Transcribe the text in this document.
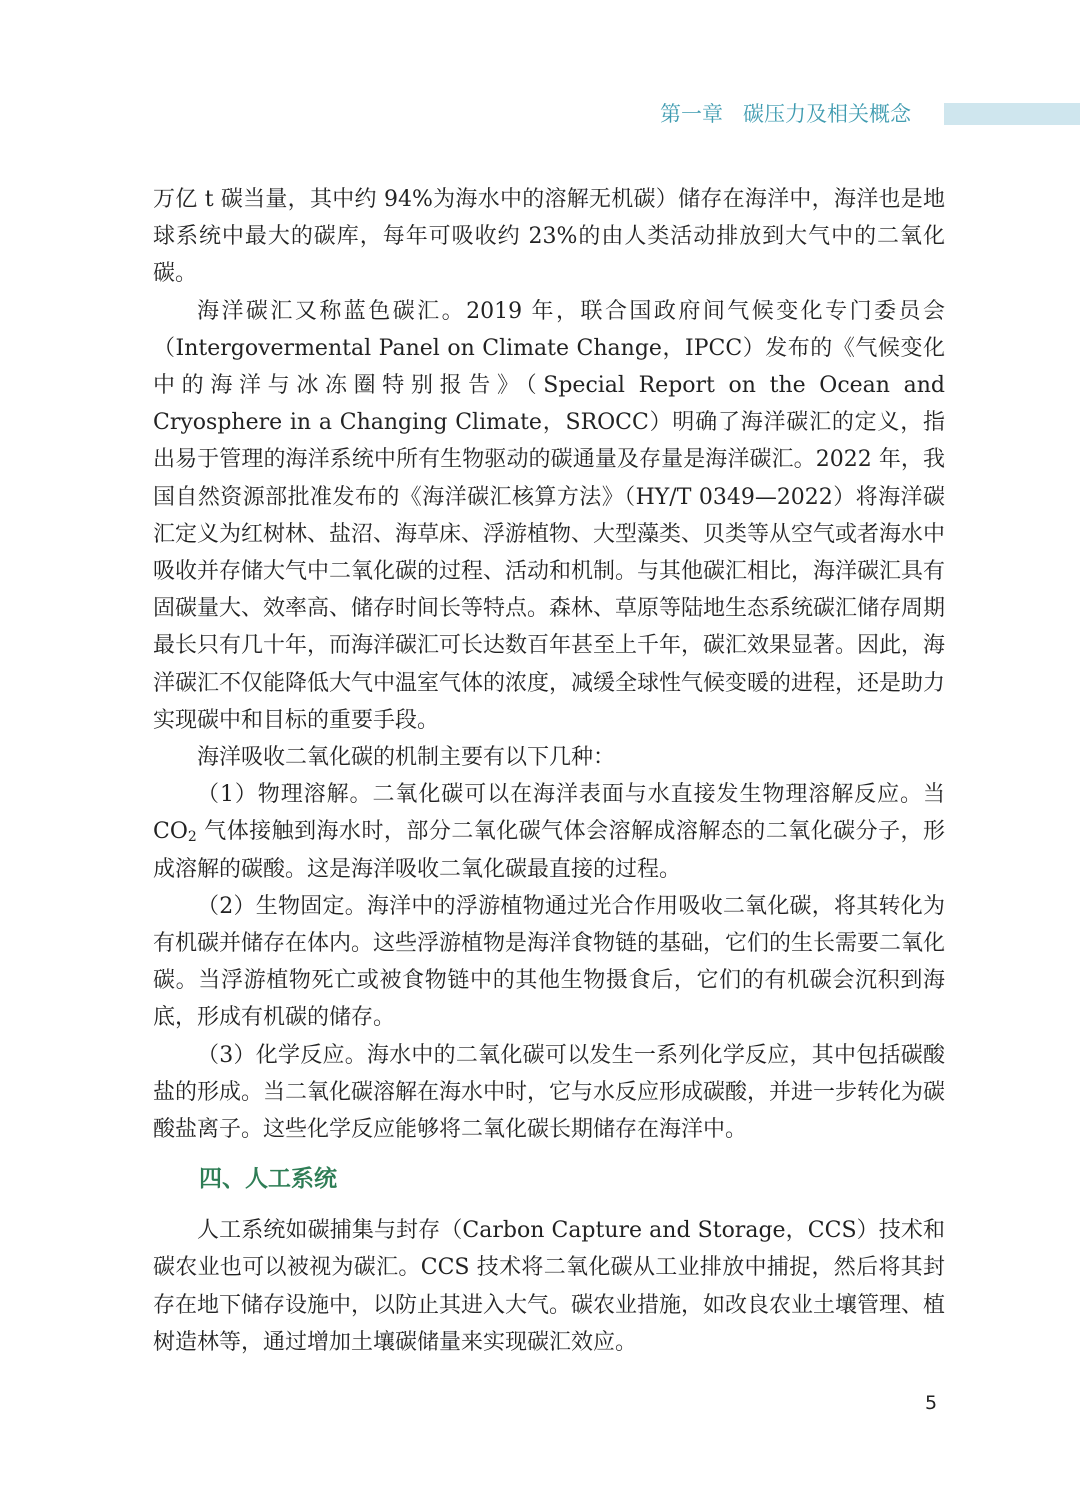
第一章 碳压力及相关概念

万亿 t 碳当量，其中约 94%为海水中的溶解无机碳）储存在海洋中，海洋也是地球系统中最大的碳库，每年可吸收约 23%的由人类活动排放到大气中的二氧化碳。

海洋碳汇又称蓝色碳汇。2019 年，联合国政府间气候变化专门委员会（Intergovermental Panel on Climate Change，IPCC）发布的《气候变化中的海洋与冰冻圈特别报告》（Special Report on the Ocean and Cryosphere in a Changing Climate，SROCC）明确了海洋碳汇的定义，指出易于管理的海洋系统中所有生物驱动的碳通量及存量是海洋碳汇。2022 年，我国自然资源部批准发布的《海洋碳汇核算方法》（HY/T 0349—2022）将海洋碳汇定义为红树林、盐沼、海草床、浮游植物、大型藻类、贝类等从空气或者海水中吸收并存储大气中二氧化碳的过程、活动和机制。与其他碳汇相比，海洋碳汇具有固碳量大、效率高、储存时间长等特点。森林、草原等陆地生态系统碳汇储存周期最长只有几十年，而海洋碳汇可长达数百年甚至上千年，碳汇效果显著。因此，海洋碳汇不仅能降低大气中温室气体的浓度，减缓全球性气候变暖的进程，还是助力实现碳中和目标的重要手段。

海洋吸收二氧化碳的机制主要有以下几种：

（1）物理溶解。二氧化碳可以在海洋表面与水直接发生物理溶解反应。当 $CO_2$ 气体接触到海水时，部分二氧化碳气体会溶解成溶解态的二氧化碳分子，形成溶解的碳酸。这是海洋吸收二氧化碳最直接的过程。

（2）生物固定。海洋中的浮游植物通过光合作用吸收二氧化碳，将其转化为有机碳并储存在体内。这些浮游植物是海洋食物链的基础，它们的生长需要二氧化碳。当浮游植物死亡或被食物链中的其他生物摄食后，它们的有机碳会沉积到海底，形成有机碳的储存。

（3）化学反应。海水中的二氧化碳可以发生一系列化学反应，其中包括碳酸盐的形成。当二氧化碳溶解在海水中时，它与水反应形成碳酸，并进一步转化为碳酸盐离子。这些化学反应能够将二氧化碳长期储存在海洋中。

四、人工系统

人工系统如碳捕集与封存（Carbon Capture and Storage，CCS）技术和碳农业也可以被视为碳汇。CCS 技术将二氧化碳从工业排放中捕捉，然后将其封存在地下储存设施中，以防止其进入大气。碳农业措施，如改良农业土壤管理、植树造林等，通过增加土壤碳储量来实现碳汇效应。

5
